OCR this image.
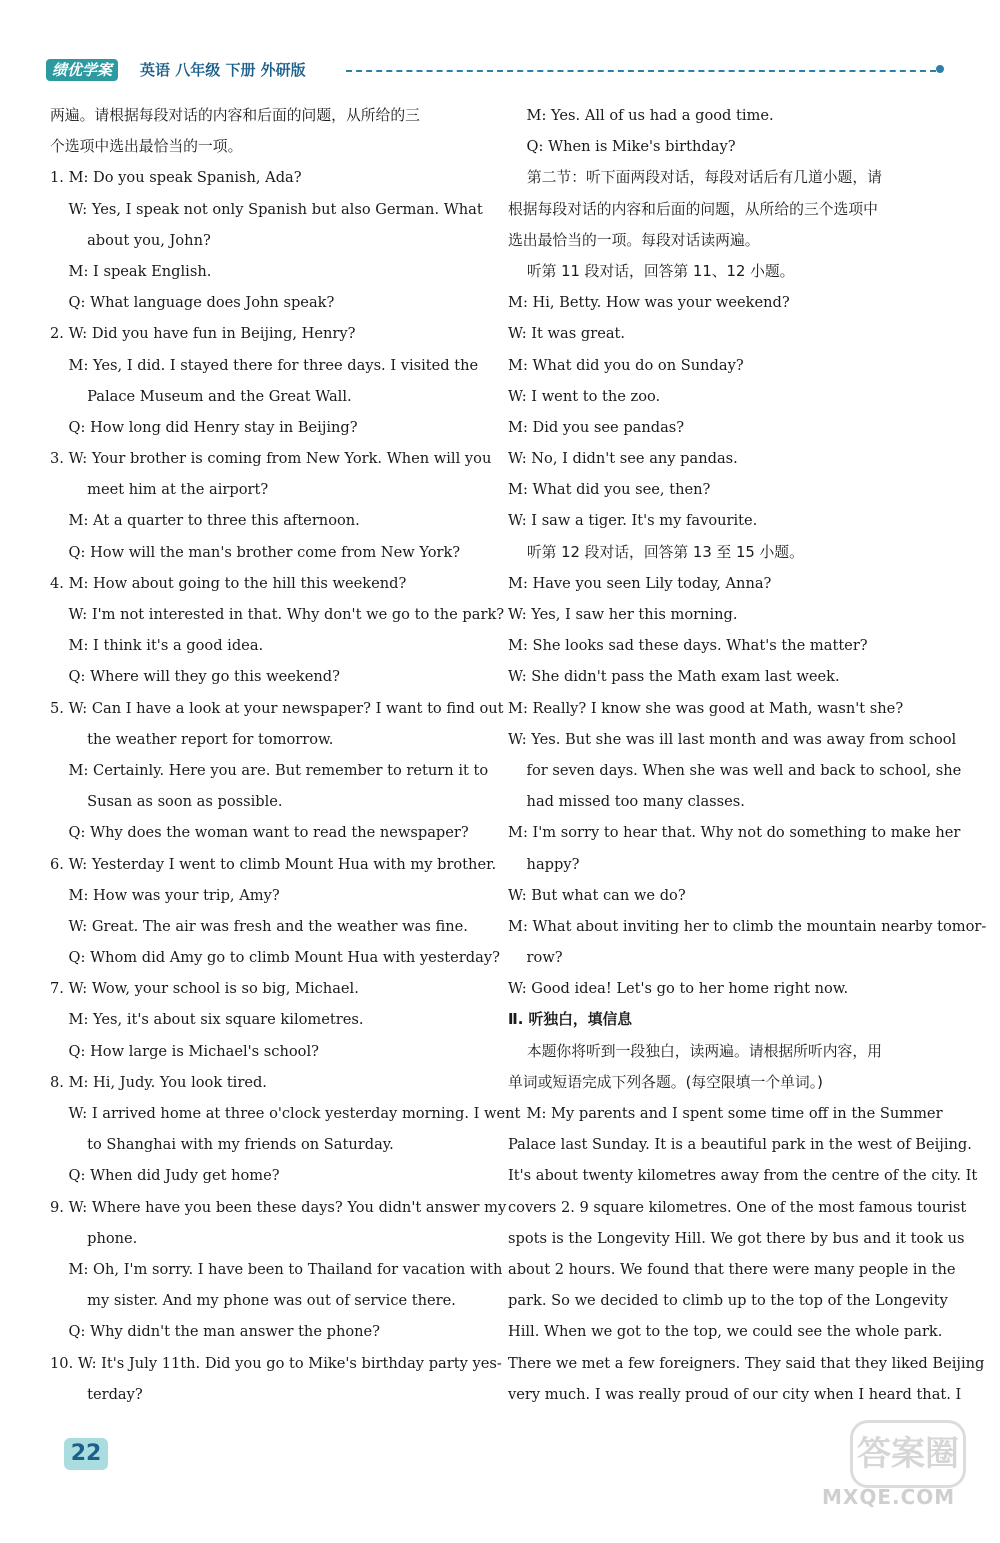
绩优学案	英语 八年级 下册 外研版
两遍。请根据每段对话的内容和后面的问题，从所给的三
个选项中选出最恰当的一项。
1. M: Do you speak Spanish, Ada?
W: Yes, I speak not only Spanish but also German. What
about you, John?
M: I speak English.
Q: What language does John speak?
2. W: Did you have fun in Beijing, Henry?
M: Yes, I did. I stayed there for three days. I visited the
Palace Museum and the Great Wall.
Q: How long did Henry stay in Beijing?
3. W: Your brother is coming from New York. When will you
meet him at the airport?
M: At a quarter to three this afternoon.
Q: How will the man's brother come from New York?
4. M: How about going to the hill this weekend?
W: I'm not interested in that. Why don't we go to the park?
M: I think it's a good idea.
Q: Where will they go this weekend?
5. W: Can I have a look at your newspaper? I want to find out
the weather report for tomorrow.
M: Certainly. Here you are. But remember to return it to
Susan as soon as possible.
Q: Why does the woman want to read the newspaper?
6. W: Yesterday I went to climb Mount Hua with my brother.
M: How was your trip, Amy?
W: Great. The air was fresh and the weather was fine.
Q: Whom did Amy go to climb Mount Hua with yesterday?
7. W: Wow, your school is so big, Michael.
M: Yes, it's about six square kilometres.
Q: How large is Michael's school?
8. M: Hi, Judy. You look tired.
W: I arrived home at three o'clock yesterday morning. I went
to Shanghai with my friends on Saturday.
Q: When did Judy get home?
9. W: Where have you been these days? You didn't answer my
phone.
M: Oh, I'm sorry. I have been to Thailand for vacation with
my sister. And my phone was out of service there.
Q: Why didn't the man answer the phone?
10. W: It's July 11th. Did you go to Mike's birthday party yes-
terday?
M: Yes. All of us had a good time.
Q: When is Mike's birthday?
第二节：听下面两段对话，每段对话后有几道小题，请
根据每段对话的内容和后面的问题，从所给的三个选项中
选出最恰当的一项。每段对话读两遍。
听第 11 段对话，回答第 11、12 小题。
M: Hi, Betty. How was your weekend?
W: It was great.
M: What did you do on Sunday?
W: I went to the zoo.
M: Did you see pandas?
W: No, I didn't see any pandas.
M: What did you see, then?
W: I saw a tiger. It's my favourite.
听第 12 段对话，回答第 13 至 15 小题。
M: Have you seen Lily today, Anna?
W: Yes, I saw her this morning.
M: She looks sad these days. What's the matter?
W: She didn't pass the Math exam last week.
M: Really? I know she was good at Math, wasn't she?
W: Yes. But she was ill last month and was away from school
for seven days. When she was well and back to school, she
had missed too many classes.
M: I'm sorry to hear that. Why not do something to make her
happy?
W: But what can we do?
M: What about inviting her to climb the mountain nearby tomor-
row?
W: Good idea! Let's go to her home right now.
Ⅱ. 听独白，填信息
本题你将听到一段独白，读两遍。请根据所听内容，用
单词或短语完成下列各题。(每空限填一个单词。)
M: My parents and I spent some time off in the Summer
Palace last Sunday. It is a beautiful park in the west of Beijing.
It's about twenty kilometres away from the centre of the city. It
covers 2. 9 square kilometres. One of the most famous tourist
spots is the Longevity Hill. We got there by bus and it took us
about 2 hours. We found that there were many people in the
park. So we decided to climb up to the top of the Longevity
Hill. When we got to the top, we could see the whole park.
There we met a few foreigners. They said that they liked Beijing
very much. I was really proud of our city when I heard that. I
22	答案圈
MXQE.COM
